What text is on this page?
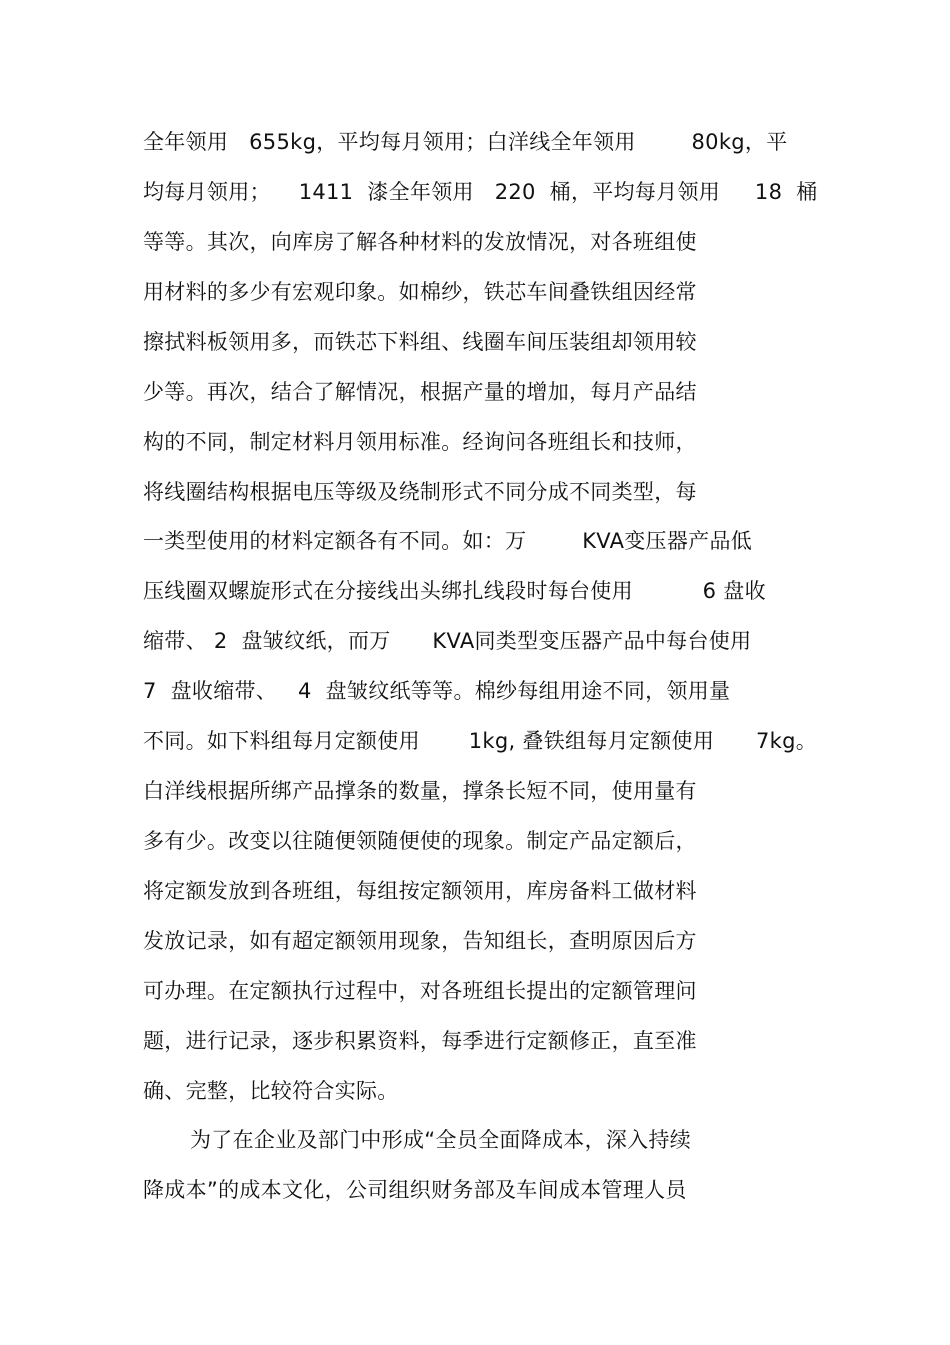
全年领用   655kg，平均每月领用；白洋线全年领用        80kg，平
均每月领用；    1411  漆全年领用   220  桶，平均每月领用     18  桶
等等。其次，向库房了解各种材料的发放情况，对各班组使
用材料的多少有宏观印象。如棉纱，铁芯车间叠铁组因经常
擦拭料板领用多，而铁芯下料组、线圈车间压装组却领用较
少等。再次，结合了解情况，根据产量的增加，每月产品结
构的不同，制定材料月领用标准。经询问各班组长和技师，
将线圈结构根据电压等级及绕制形式不同分成不同类型，每
一类型使用的材料定额各有不同。如：万        KVA变压器产品低
压线圈双螺旋形式在分接线出头绑扎线段时每台使用          6 盘收
缩带、 2  盘皱纹纸，而万      KVA同类型变压器产品中每台使用
7  盘收缩带、   4  盘皱纹纸等等。棉纱每组用途不同，领用量
不同。如下料组每月定额使用       1kg, 叠铁组每月定额使用      7kg。
白洋线根据所绑产品撑条的数量，撑条长短不同，使用量有
多有少。改变以往随便领随便使的现象。制定产品定额后，
将定额发放到各班组，每组按定额领用，库房备料工做材料
发放记录，如有超定额领用现象，告知组长，查明原因后方
可办理。在定额执行过程中，对各班组长提出的定额管理问
题，进行记录，逐步积累资料，每季进行定额修正，直至准
确、完整，比较符合实际。
为了在企业及部门中形成“全员全面降成本，深入持续
降成本”的成本文化，公司组织财务部及车间成本管理人员
